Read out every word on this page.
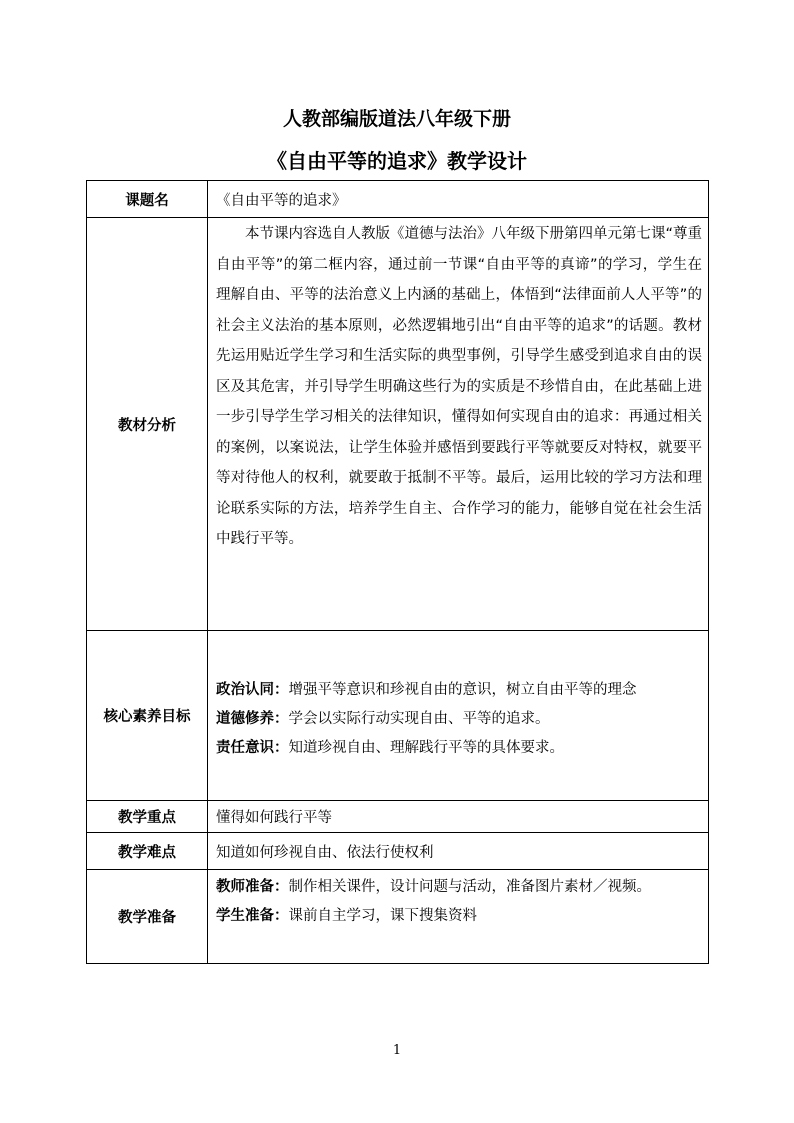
人教部编版道法八年级下册
《自由平等的追求》教学设计
课题名	《自由平等的追求》
教材分析	本节课内容选自人教版《道德与法治》八年级下册第四单元第七课“尊重自由平等”的第二框内容，通过前一节课“自由平等的真谛”的学习，学生在理解自由、平等的法治意义上内涵的基础上，体悟到“法律面前人人平等”的社会主义法治的基本原则，必然逻辑地引出“自由平等的追求”的话题。教材先运用贴近学生学习和生活实际的典型事例，引导学生感受到追求自由的误区及其危害，并引导学生明确这些行为的实质是不珍惜自由，在此基础上进一步引导学生学习相关的法律知识，懂得如何实现自由的追求：再通过相关的案例，以案说法，让学生体验并感悟到要践行平等就要反对特权，就要平等对待他人的权利，就要敢于抵制不平等。最后，运用比较的学习方法和理论联系实际的方法，培养学生自主、合作学习的能力，能够自觉在社会生活中践行平等。

核心素养目标	政治认同：增强平等意识和珍视自由的意识，树立自由平等的理念
道德修养：学会以实际行动实现自由、平等的追求。
责任意识：知道珍视自由、理解践行平等的具体要求。

教学重点	懂得如何践行平等
教学难点	知道如何珍视自由、依法行使权利
教学准备	教师准备：制作相关课件，设计问题与活动，准备图片素材／视频。
学生准备：课前自主学习，课下搜集资料
1
